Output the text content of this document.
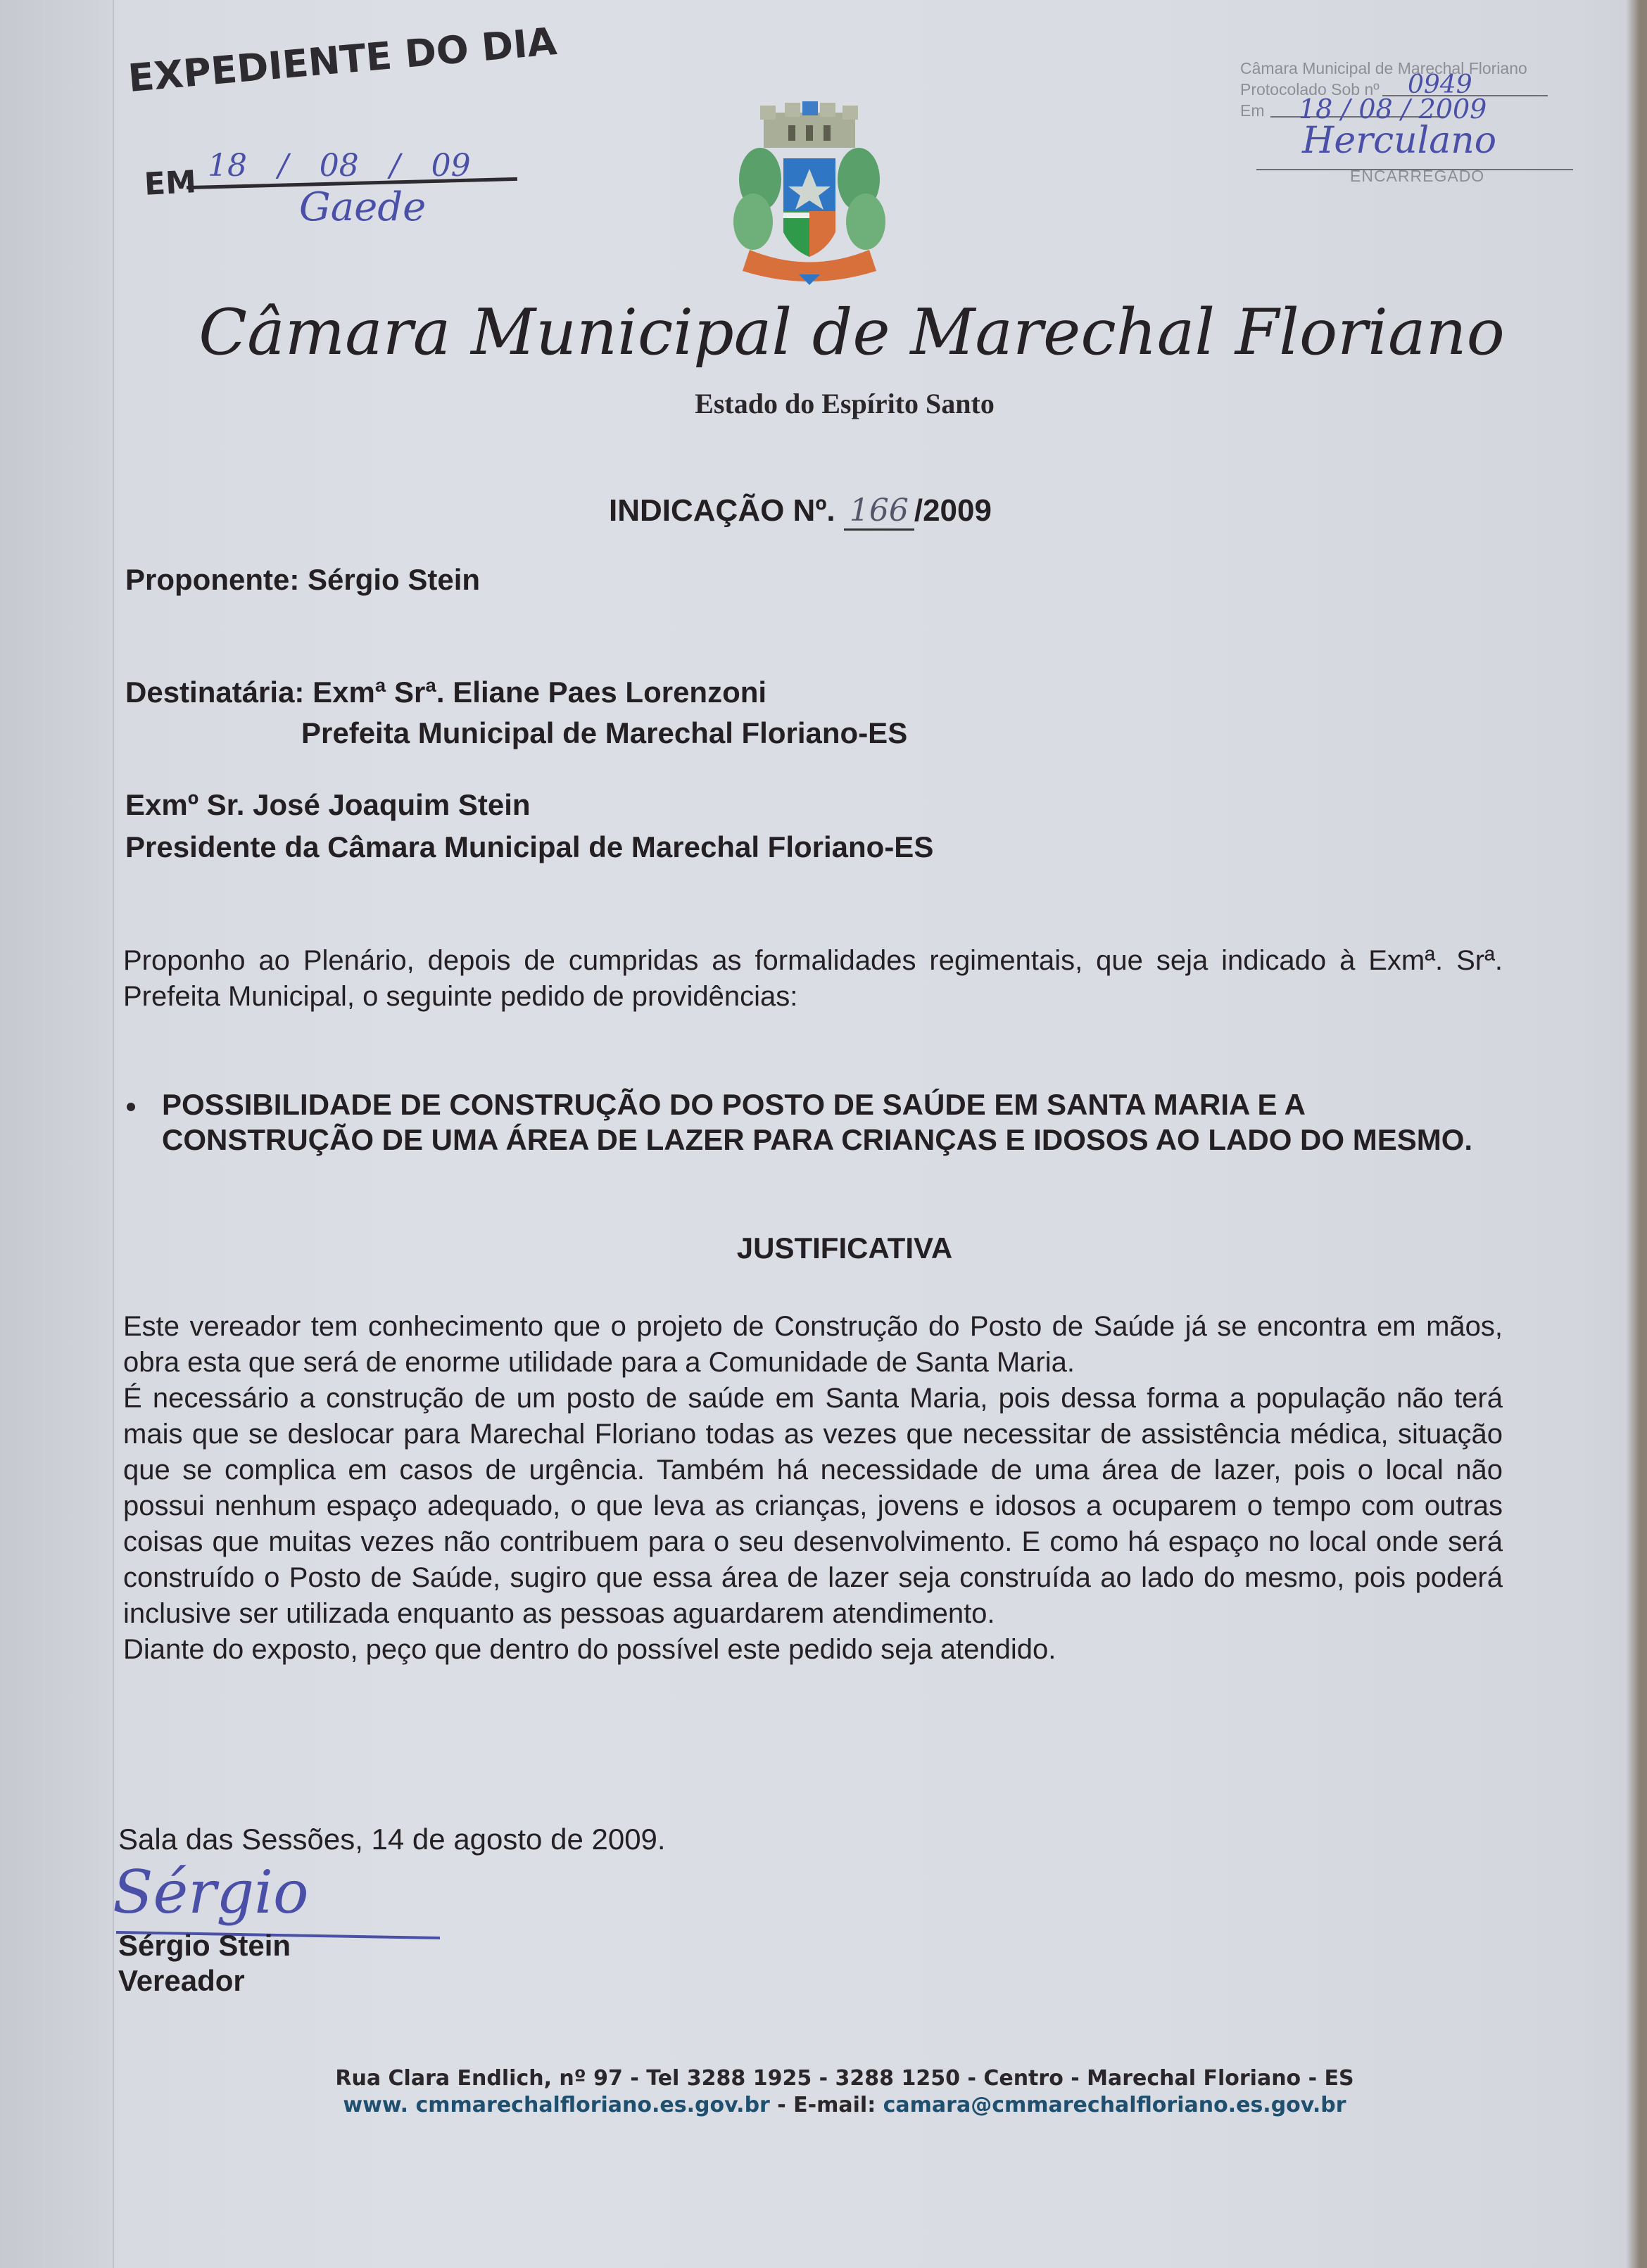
EXPEDIENTE DO DIA
EM 18 / 08 / 09
Gaede
Câmara Municipal de Marechal Floriano
Protocolado Sob nº
Em
0949
18 / 08 / 2009
Herculano
ENCARREGADO
Câmara Municipal de Marechal Floriano
Estado do Espírito Santo
INDICAÇÃO Nº. 166 /2009
Proponente: Sérgio Stein
Destinatária: Exmª Srª. Eliane Paes Lorenzoni
Prefeita Municipal de Marechal Floriano-ES
Exmº Sr. José Joaquim Stein
Presidente da Câmara Municipal de Marechal Floriano-ES
Proponho ao Plenário, depois de cumpridas as formalidades regimentais, que seja indicado à Exmª. Srª. Prefeita Municipal, o seguinte pedido de providências:
POSSIBILIDADE DE CONSTRUÇÃO DO POSTO DE SAÚDE EM SANTA MARIA E A CONSTRUÇÃO DE UMA ÁREA DE LAZER PARA CRIANÇAS E IDOSOS AO LADO DO MESMO.
JUSTIFICATIVA
Este vereador tem conhecimento que o projeto de Construção do Posto de Saúde já se encontra em mãos, obra esta que será de enorme utilidade para a Comunidade de Santa Maria.
É necessário a construção de um posto de saúde em Santa Maria, pois dessa forma a população não terá mais que se deslocar para Marechal Floriano todas as vezes que necessitar de assistência médica, situação que se complica em casos de urgência. Também há necessidade de uma área de lazer, pois o local não possui nenhum espaço adequado, o que leva as crianças, jovens e idosos a ocuparem o tempo com outras coisas que muitas vezes não contribuem para o seu desenvolvimento. E como há espaço no local onde será construído o Posto de Saúde, sugiro que essa área de lazer seja construída ao lado do mesmo, pois poderá inclusive ser utilizada enquanto as pessoas aguardarem atendimento.
Diante do exposto, peço que dentro do possível este pedido seja atendido.
Sala das Sessões, 14 de agosto de 2009.
Sérgio
Sérgio Stein
Vereador
Rua Clara Endlich, nº 97 - Tel 3288 1925 - 3288 1250 - Centro - Marechal Floriano - ES
www. cmmarechalfloriano.es.gov.br - E-mail: camara@cmmarechalfloriano.es.gov.br
